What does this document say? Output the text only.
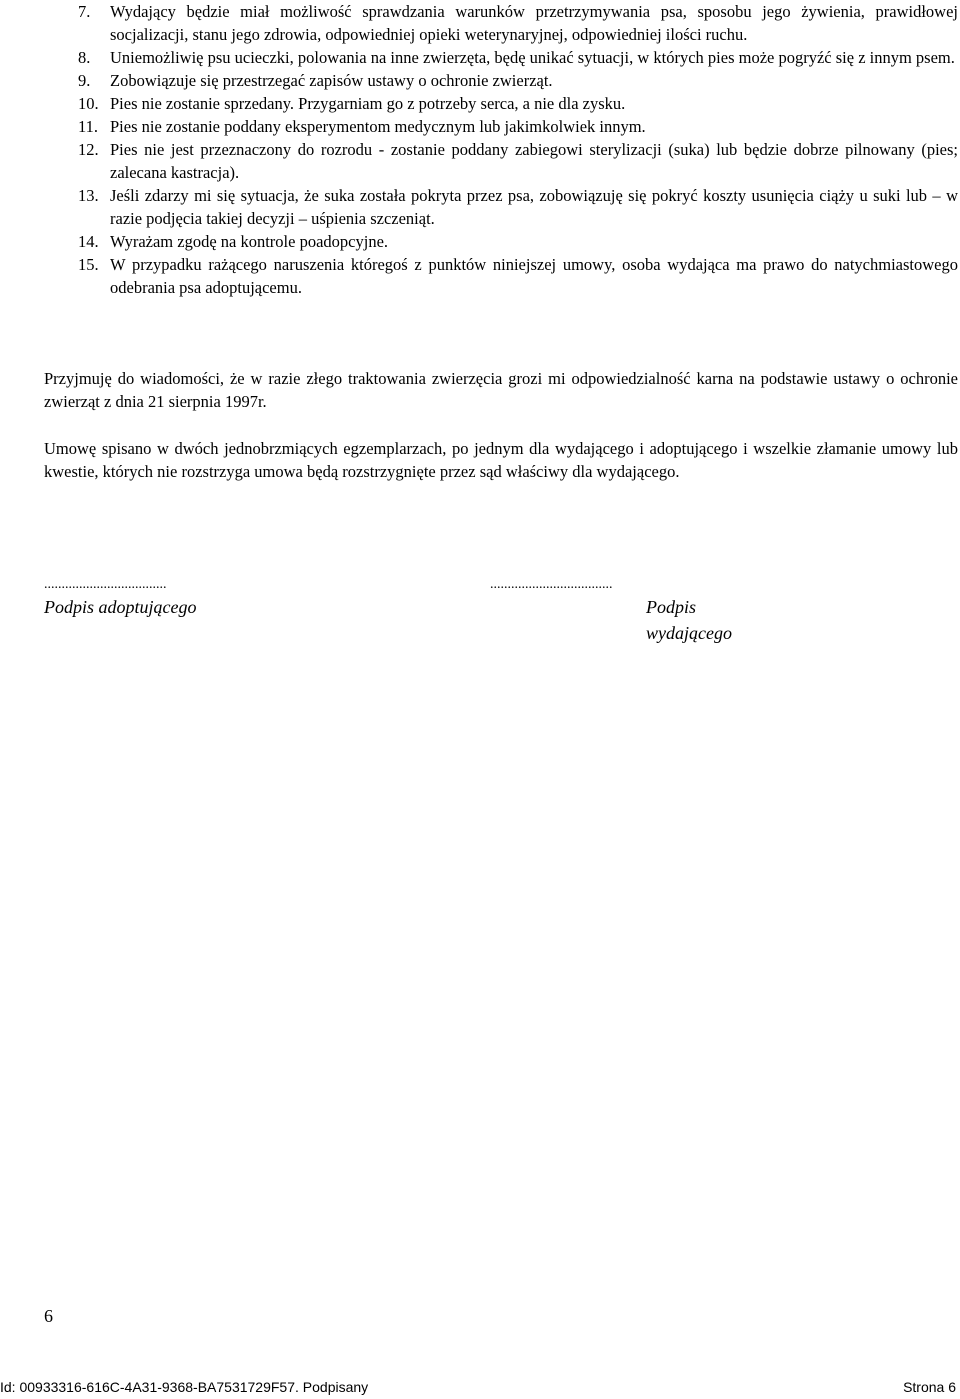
7. Wydający będzie miał możliwość sprawdzania warunków przetrzymywania psa, sposobu jego żywienia, prawidłowej socjalizacji, stanu jego zdrowia, odpowiedniej opieki weterynaryjnej, odpowiedniej ilości ruchu.
8. Uniemożliwię psu ucieczki, polowania na inne zwierzęta, będę unikać sytuacji, w których pies może pogryźć się z innym psem.
9. Zobowiązuje się przestrzegać zapisów ustawy o ochronie zwierząt.
10. Pies nie zostanie sprzedany. Przygarniam go z potrzeby serca, a nie dla zysku.
11. Pies nie zostanie poddany eksperymentom medycznym lub jakimkolwiek innym.
12. Pies nie jest przeznaczony do rozrodu - zostanie poddany zabiegowi sterylizacji (suka) lub będzie dobrze pilnowany (pies; zalecana kastracja).
13. Jeśli zdarzy mi się sytuacja, że suka została pokryta przez psa, zobowiązuję się pokryć koszty usunięcia ciąży u suki lub – w razie podjęcia takiej decyzji – uśpienia szczeniąt.
14. Wyrażam zgodę na kontrole poadopcyjne.
15. W przypadku rażącego naruszenia któregoś z punktów niniejszej umowy, osoba wydająca ma prawo do natychmiastowego odebrania psa adoptującemu.

Przyjmuję do wiadomości, że w razie złego traktowania zwierzęcia grozi mi odpowiedzialność karna na podstawie ustawy o ochronie zwierząt z dnia 21 sierpnia 1997r.

Umowę spisano w dwóch jednobrzmiących egzemplarzach, po jednym dla wydającego i adoptującego i wszelkie złamanie umowy lub kwestie, których nie rozstrzyga umowa będą rozstrzygnięte przez sąd właściwy dla wydającego.

...................................
Podpis adoptującego
...................................
Podpis wydającego
6
Id: 00933316-616C-4A31-9368-BA7531729F57. Podpisany	Strona 6
